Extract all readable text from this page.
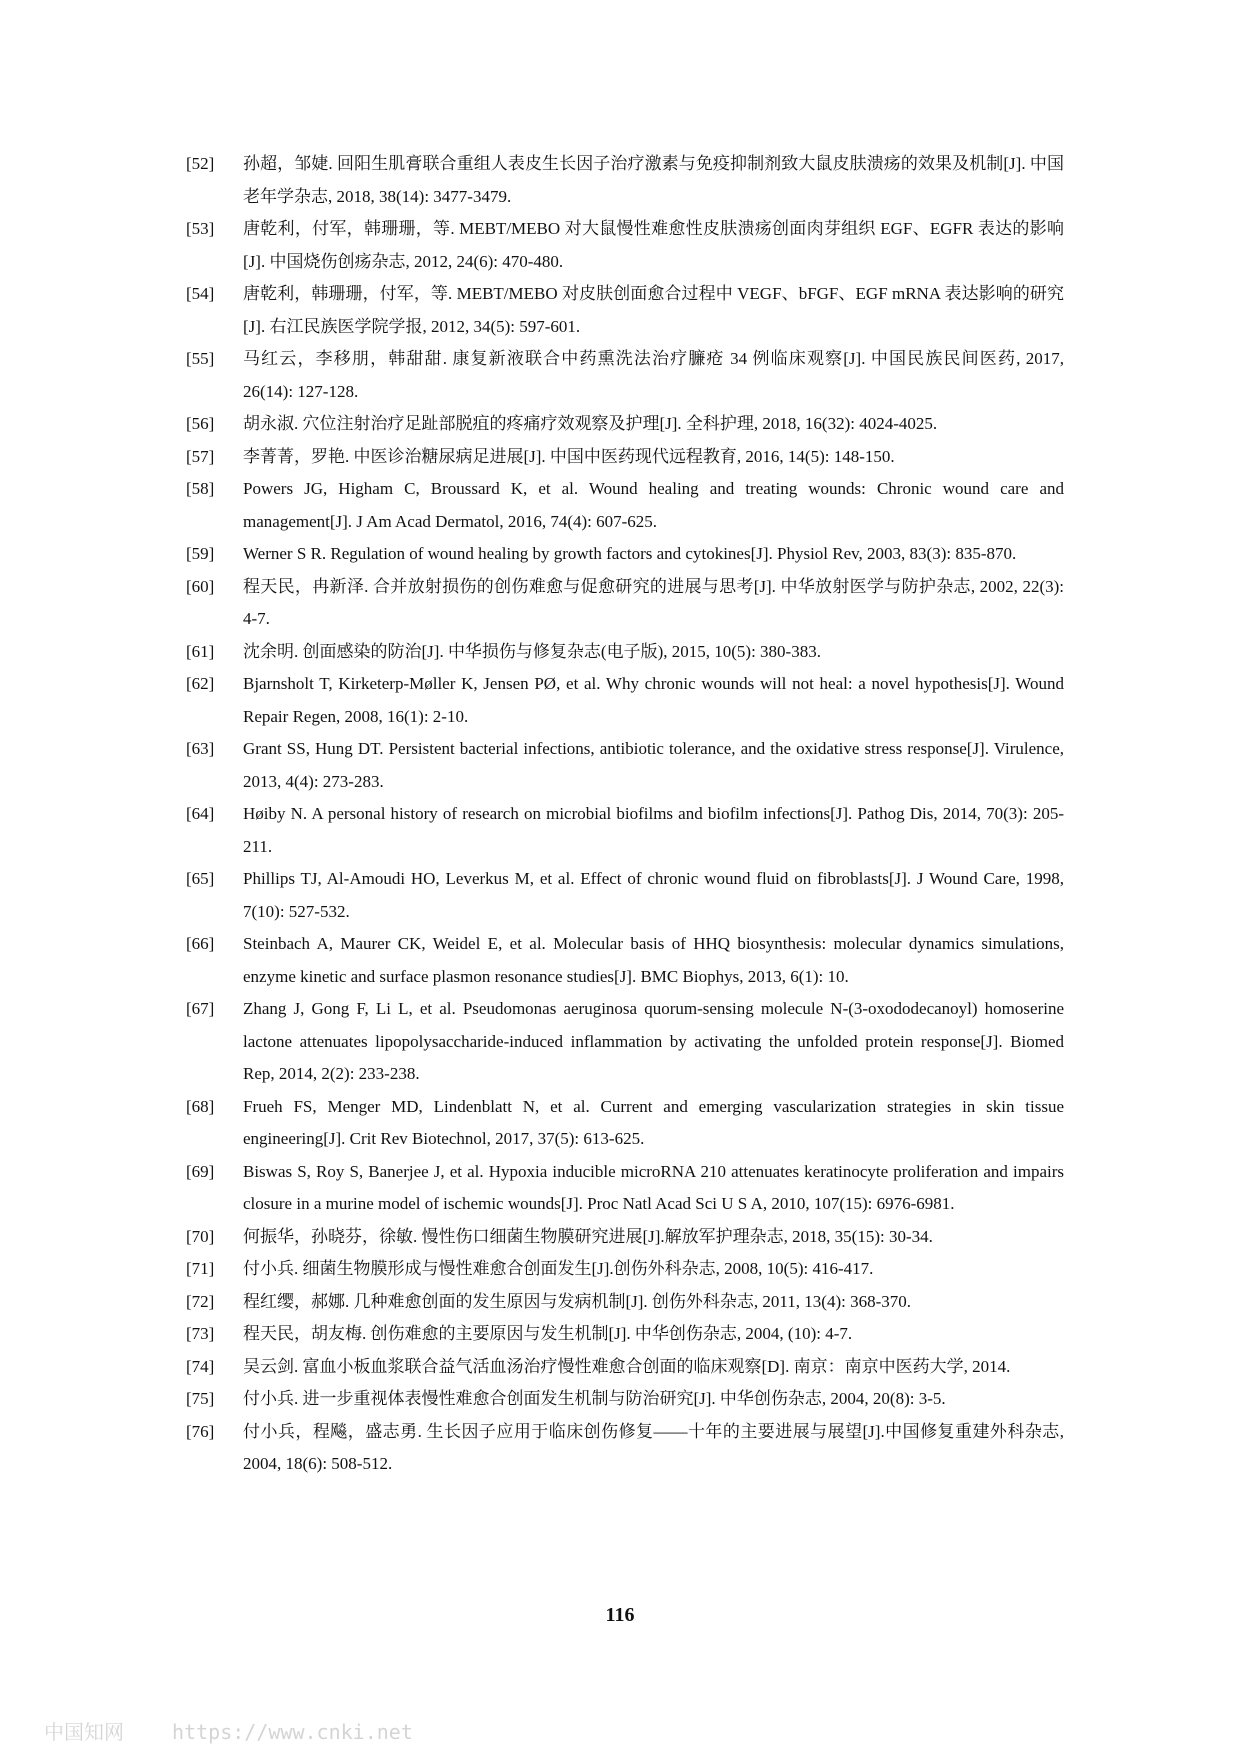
[52] 孙超，邹婕. 回阳生肌膏联合重组人表皮生长因子治疗激素与免疫抑制剂致大鼠皮肤溃疡的效果及机制[J]. 中国老年学杂志, 2018, 38(14): 3477-3479.
[53] 唐乾利，付军，韩珊珊，等. MEBT/MEBO 对大鼠慢性难愈性皮肤溃疡创面肉芽组织 EGF、EGFR 表达的影响[J]. 中国烧伤创疡杂志, 2012, 24(6): 470-480.
[54] 唐乾利，韩珊珊，付军，等. MEBT/MEBO 对皮肤创面愈合过程中 VEGF、bFGF、EGF mRNA 表达影响的研究[J]. 右江民族医学院学报, 2012, 34(5): 597-601.
[55] 马红云，李移朋，韩甜甜. 康复新液联合中药熏洗法治疗臁疮 34 例临床观察[J]. 中国民族民间医药, 2017, 26(14): 127-128.
[56] 胡永淑. 穴位注射治疗足趾部脱疽的疼痛疗效观察及护理[J]. 全科护理, 2018, 16(32): 4024-4025.
[57] 李菁菁，罗艳. 中医诊治糖尿病足进展[J]. 中国中医药现代远程教育, 2016, 14(5): 148-150.
[58] Powers JG, Higham C, Broussard K, et al. Wound healing and treating wounds: Chronic wound care and management[J]. J Am Acad Dermatol, 2016, 74(4): 607-625.
[59] Werner S R. Regulation of wound healing by growth factors and cytokines[J]. Physiol Rev, 2003, 83(3): 835-870.
[60] 程天民，冉新泽. 合并放射损伤的创伤难愈与促愈研究的进展与思考[J]. 中华放射医学与防护杂志, 2002, 22(3): 4-7.
[61] 沈余明. 创面感染的防治[J]. 中华损伤与修复杂志(电子版), 2015, 10(5): 380-383.
[62] Bjarnsholt T, Kirketerp-Møller K, Jensen PØ, et al. Why chronic wounds will not heal: a novel hypothesis[J]. Wound Repair Regen, 2008, 16(1): 2-10.
[63] Grant SS, Hung DT. Persistent bacterial infections, antibiotic tolerance, and the oxidative stress response[J]. Virulence, 2013, 4(4): 273-283.
[64] Høiby N. A personal history of research on microbial biofilms and biofilm infections[J]. Pathog Dis, 2014, 70(3): 205-211.
[65] Phillips TJ, Al-Amoudi HO, Leverkus M, et al. Effect of chronic wound fluid on fibroblasts[J]. J Wound Care, 1998, 7(10): 527-532.
[66] Steinbach A, Maurer CK, Weidel E, et al. Molecular basis of HHQ biosynthesis: molecular dynamics simulations, enzyme kinetic and surface plasmon resonance studies[J]. BMC Biophys, 2013, 6(1): 10.
[67] Zhang J, Gong F, Li L, et al. Pseudomonas aeruginosa quorum-sensing molecule N-(3-oxododecanoyl) homoserine lactone attenuates lipopolysaccharide-induced inflammation by activating the unfolded protein response[J]. Biomed Rep, 2014, 2(2): 233-238.
[68] Frueh FS, Menger MD, Lindenblatt N, et al. Current and emerging vascularization strategies in skin tissue engineering[J]. Crit Rev Biotechnol, 2017, 37(5): 613-625.
[69] Biswas S, Roy S, Banerjee J, et al. Hypoxia inducible microRNA 210 attenuates keratinocyte proliferation and impairs closure in a murine model of ischemic wounds[J]. Proc Natl Acad Sci U S A, 2010, 107(15): 6976-6981.
[70] 何振华，孙晓芬，徐敏. 慢性伤口细菌生物膜研究进展[J].解放军护理杂志, 2018, 35(15): 30-34.
[71] 付小兵. 细菌生物膜形成与慢性难愈合创面发生[J].创伤外科杂志, 2008, 10(5): 416-417.
[72] 程红缨，郝娜. 几种难愈创面的发生原因与发病机制[J]. 创伤外科杂志, 2011, 13(4): 368-370.
[73] 程天民，胡友梅. 创伤难愈的主要原因与发生机制[J]. 中华创伤杂志, 2004, (10): 4-7.
[74] 吴云剑. 富血小板血浆联合益气活血汤治疗慢性难愈合创面的临床观察[D]. 南京：南京中医药大学, 2014.
[75] 付小兵. 进一步重视体表慢性难愈合创面发生机制与防治研究[J]. 中华创伤杂志, 2004, 20(8): 3-5.
[76] 付小兵，程飚，盛志勇. 生长因子应用于临床创伤修复——十年的主要进展与展望[J].中国修复重建外科杂志, 2004, 18(6): 508-512.
116
中国知网 https://www.cnki.net
